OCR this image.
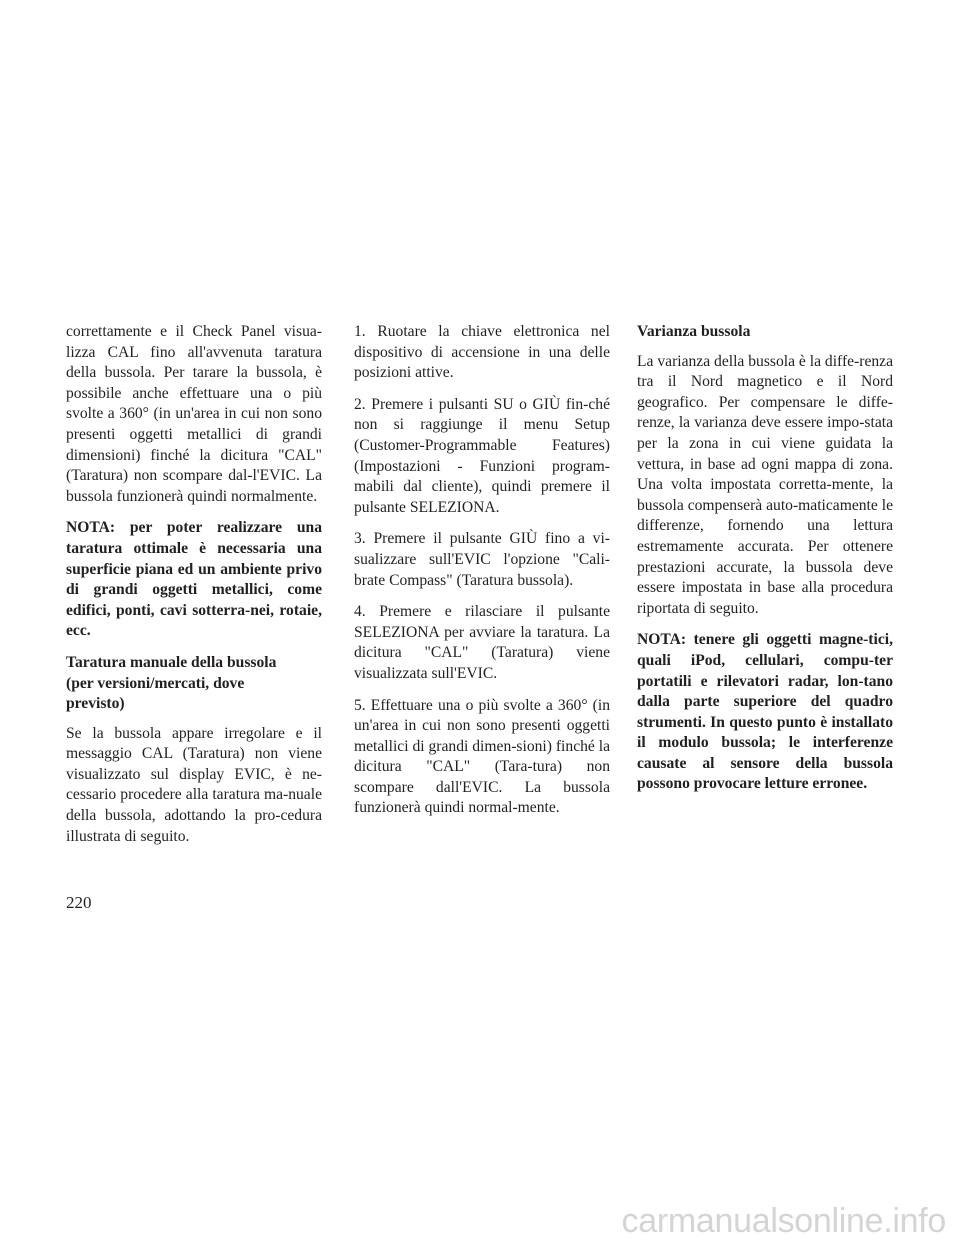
correttamente e il Check Panel visua-lizza CAL fino all'avvenuta taratura della bussola. Per tarare la bussola, è possibile anche effettuare una o più svolte a 360° (in un'area in cui non sono presenti oggetti metallici di grandi dimensioni) finché la dicitura "CAL" (Taratura) non scompare dal-l'EVIC. La bussola funzionerà quindi normalmente.

NOTA: per poter realizzare una taratura ottimale è necessaria una superficie piana ed un ambiente privo di grandi oggetti metallici, come edifici, ponti, cavi sotterra-nei, rotaie, ecc.

Taratura manuale della bussola
(per versioni/mercati, dove
previsto)

Se la bussola appare irregolare e il messaggio CAL (Taratura) non viene visualizzato sul display EVIC, è ne-cessario procedere alla taratura ma-nuale della bussola, adottando la pro-cedura illustrata di seguito.

1. Ruotare la chiave elettronica nel dispositivo di accensione in una delle posizioni attive.

2. Premere i pulsanti SU o GIÙ fin-ché non si raggiunge il menu Setup (Customer-Programmable Features) (Impostazioni - Funzioni program-mabili dal cliente), quindi premere il pulsante SELEZIONA.

3. Premere il pulsante GIÙ fino a vi-sualizzare sull'EVIC l'opzione "Cali-brate Compass" (Taratura bussola).

4. Premere e rilasciare il pulsante SELEZIONA per avviare la taratura. La dicitura "CAL" (Taratura) viene visualizzata sull'EVIC.

5. Effettuare una o più svolte a 360° (in un'area in cui non sono presenti oggetti metallici di grandi dimen-sioni) finché la dicitura "CAL" (Tara-tura) non scompare dall'EVIC. La bussola funzionerà quindi normal-mente.

Varianza bussola

La varianza della bussola è la diffe-renza tra il Nord magnetico e il Nord geografico. Per compensare le diffe-renze, la varianza deve essere impo-stata per la zona in cui viene guidata la vettura, in base ad ogni mappa di zona. Una volta impostata corretta-mente, la bussola compenserà auto-maticamente le differenze, fornendo una lettura estremamente accurata. Per ottenere prestazioni accurate, la bussola deve essere impostata in base alla procedura riportata di seguito.

NOTA: tenere gli oggetti magne-tici, quali iPod, cellulari, compu-ter portatili e rilevatori radar, lon-tano dalla parte superiore del quadro strumenti. In questo punto è installato il modulo bussola; le interferenze causate al sensore della bussola possono provocare letture erronee.

220
carmanualsonline.info
